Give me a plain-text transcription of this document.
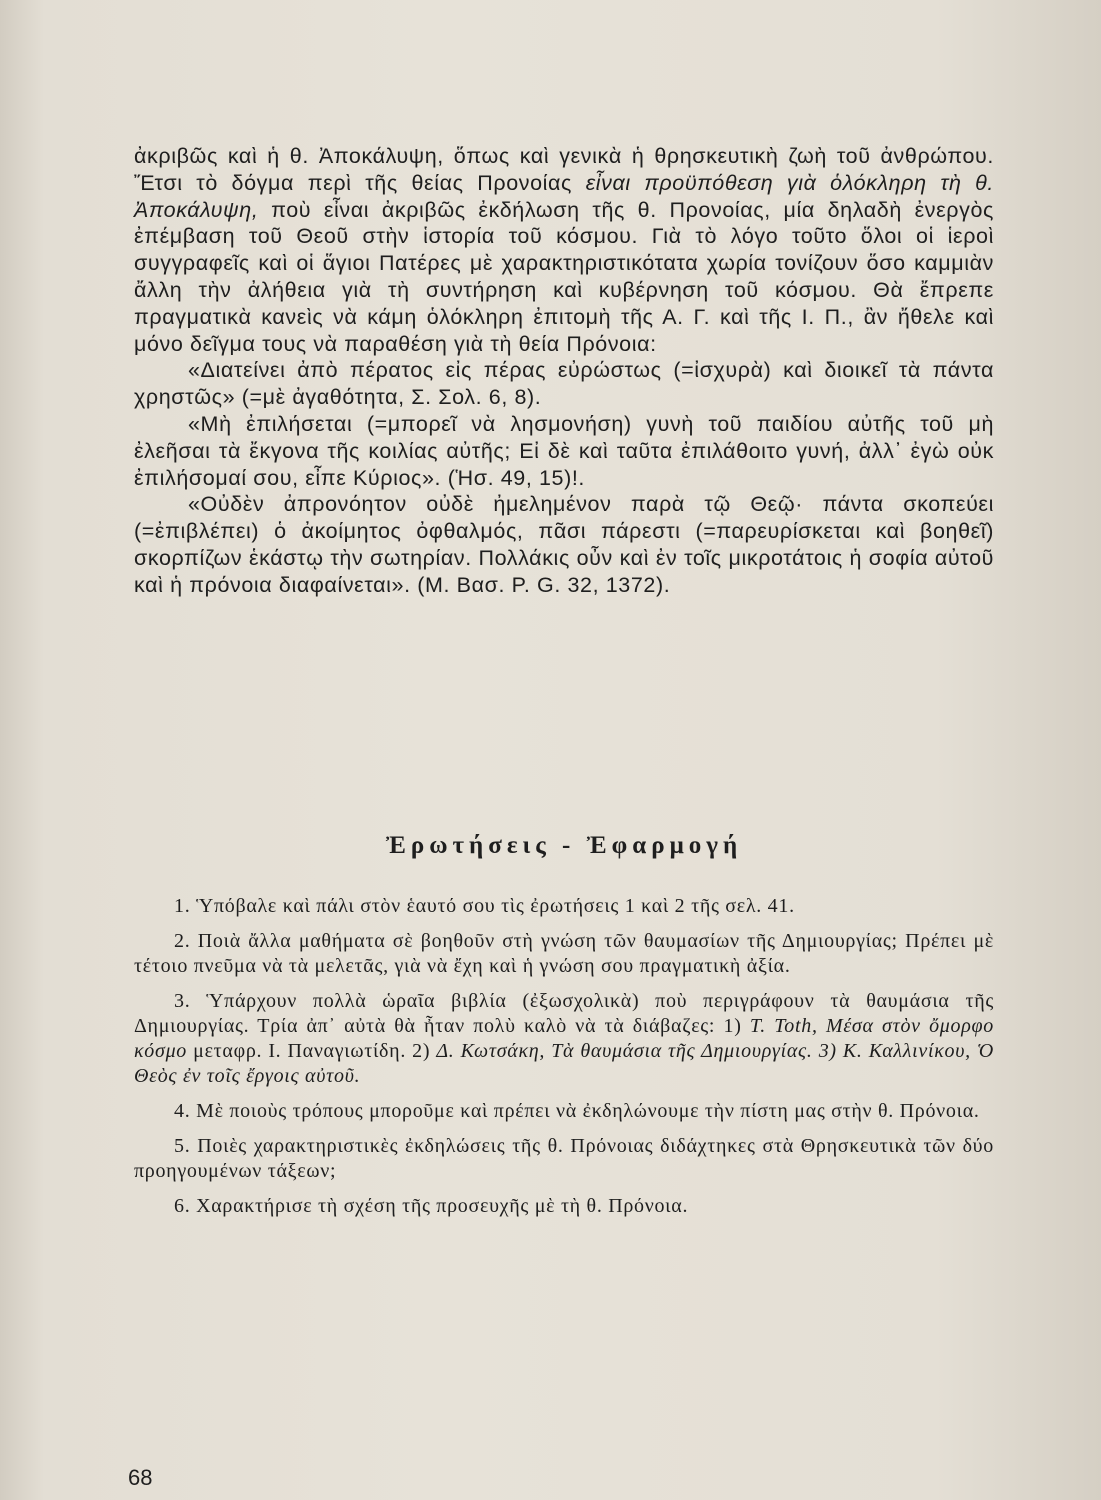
ἀκριβῶς καὶ ἡ θ. Ἀποκάλυψη, ὅπως καὶ γενικὰ ἡ θρησκευτικὴ ζωὴ τοῦ ἀνθρώπου. Ἔτσι τὸ δόγμα περὶ τῆς θείας Προνοίας εἶναι προϋπόθεση γιὰ ὁλόκληρη τὴ θ. Ἀποκάλυψη, ποὺ εἶναι ἀκριβῶς ἐκδήλωση τῆς θ. Προνοίας, μία δηλαδὴ ἐνεργὸς ἐπέμβαση τοῦ Θεοῦ στὴν ἱστορία τοῦ κόσμου. Γιὰ τὸ λόγο τοῦτο ὅλοι οἱ ἱεροὶ συγγραφεῖς καὶ οἱ ἅγιοι Πατέρες μὲ χαρακτηριστικότατα χωρία τονίζουν ὅσο καμμιὰν ἄλλη τὴν ἀλήθεια γιὰ τὴ συντήρηση καὶ κυβέρνηση τοῦ κόσμου. Θὰ ἔπρεπε πραγματικὰ κανεὶς νὰ κάμη ὁλόκληρη ἐπιτομὴ τῆς Α. Γ. καὶ τῆς Ι. Π., ἂν ἤθελε καὶ μόνο δεῖγμα τους νὰ παραθέση γιὰ τὴ θεία Πρόνοια:

«Διατείνει ἀπὸ πέρατος εἰς πέρας εὐρώστως (=ἰσχυρὰ) καὶ διοικεῖ τὰ πάντα χρηστῶς» (=μὲ ἀγαθότητα, Σ. Σολ. 6, 8).

«Μὴ ἐπιλήσεται (=μπορεῖ νὰ λησμονήση) γυνὴ τοῦ παιδίου αὐτῆς τοῦ μὴ ἐλεῆσαι τὰ ἔκγονα τῆς κοιλίας αὐτῆς; Εἰ δὲ καὶ ταῦτα ἐπιλάθοιτο γυνή, ἀλλ᾽ ἐγὼ οὐκ ἐπιλήσομαί σου, εἶπε Κύριος». (Ἡσ. 49, 15)!.

«Οὐδὲν ἀπρονόητον οὐδὲ ἠμελημένον παρὰ τῷ Θεῷ· πάντα σκοπεύει (=ἐπιβλέπει) ὁ ἀκοίμητος ὀφθαλμός, πᾶσι πάρεστι (=παρευρίσκεται καὶ βοηθεῖ) σκορπίζων ἑκάστῳ τὴν σωτηρίαν. Πολλάκις οὖν καὶ ἐν τοῖς μικροτάτοις ἡ σοφία αὐτοῦ καὶ ἡ πρόνοια διαφαίνεται». (Μ. Βασ. Ρ. G. 32, 1372).

Ἐρωτήσεις - Ἐφαρμογή

1. Ὑπόβαλε καὶ πάλι στὸν ἑαυτό σου τὶς ἐρωτήσεις 1 καὶ 2 τῆς σελ. 41.

2. Ποιὰ ἄλλα μαθήματα σὲ βοηθοῦν στὴ γνώση τῶν θαυμασίων τῆς Δημιουργίας; Πρέπει μὲ τέτοιο πνεῦμα νὰ τὰ μελετᾶς, γιὰ νὰ ἔχη καὶ ἡ γνώση σου πραγματικὴ ἀξία.

3. Ὑπάρχουν πολλὰ ὡραῖα βιβλία (ἐξωσχολικὰ) ποὺ περιγράφουν τὰ θαυμάσια τῆς Δημιουργίας. Τρία ἀπ᾽ αὐτὰ θὰ ἦταν πολὺ καλὸ νὰ τὰ διάβαζες: 1) T. Toth, Μέσα στὸν ὄμορφο κόσμο μεταφρ. Ι. Παναγιωτίδη. 2) Δ. Κωτσάκη, Τὰ θαυμάσια τῆς Δημιουργίας. 3) Κ. Καλλινίκου, Ὁ Θεὸς ἐν τοῖς ἔργοις αὐτοῦ.

4. Μὲ ποιοὺς τρόπους μποροῦμε καὶ πρέπει νὰ ἐκδηλώνουμε τὴν πίστη μας στὴν θ. Πρόνοια.

5. Ποιὲς χαρακτηριστικὲς ἐκδηλώσεις τῆς θ. Πρόνοιας διδάχτηκες στὰ Θρησκευτικὰ τῶν δύο προηγουμένων τάξεων;

6. Χαρακτήρισε τὴ σχέση τῆς προσευχῆς μὲ τὴ θ. Πρόνοια.

68
